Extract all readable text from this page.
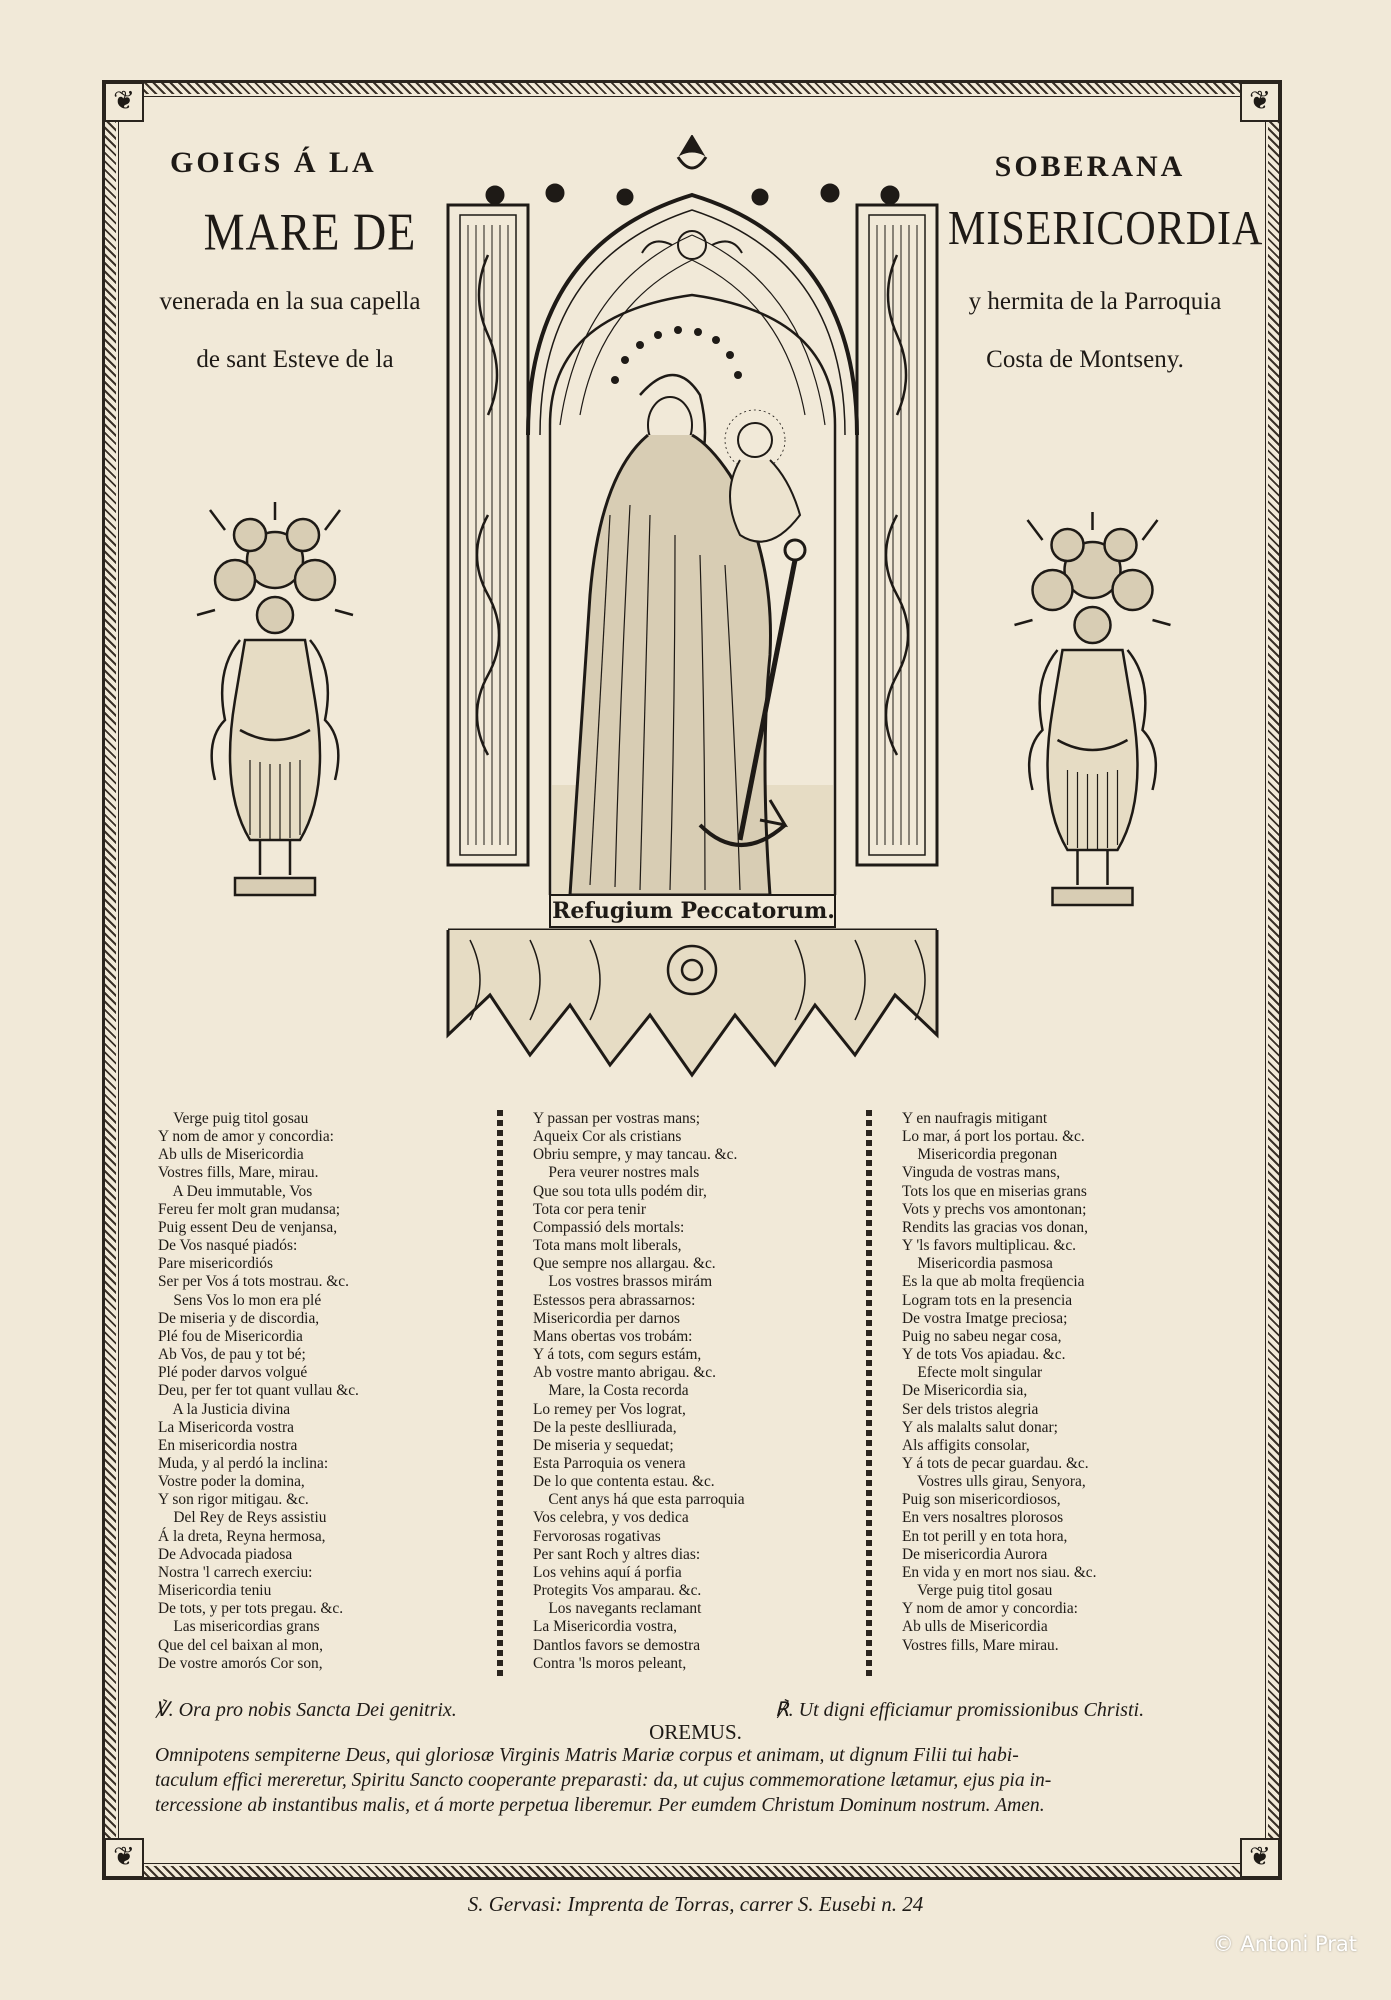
❦	❦
❦	❦
GOIGS Á LA
MARE DE
venerada en la sua capella
de sant Esteve de la
SOBERANA
MISERICORDIA
y hermita de la Parroquia
Costa de Montseny.
Refugium Peccatorum.
Verge puig titol gosau
Y nom de amor y concordia:
Ab ulls de Misericordia
Vostres fills, Mare, mirau.
A Deu immutable, Vos
Fereu fer molt gran mudansa;
Puig essent Deu de venjansa,
De Vos nasqué piadós:
Pare misericordiós
Ser per Vos á tots mostrau. &c.
Sens Vos lo mon era plé
De miseria y de discordia,
Plé fou de Misericordia
Ab Vos, de pau y tot bé;
Plé poder darvos volgué
Deu, per fer tot quant vullau &c.
A la Justicia divina
La Misericorda vostra
En misericordia nostra
Muda, y al perdó la inclina:
Vostre poder la domina,
Y son rigor mitigau. &c.
Del Rey de Reys assistiu
Á la dreta, Reyna hermosa,
De Advocada piadosa
Nostra 'l carrech exerciu:
Misericordia teniu
De tots, y per tots pregau. &c.
Las misericordias grans
Que del cel baixan al mon,
De vostre amorós Cor son,
Y passan per vostras mans;
Aqueix Cor als cristians
Obriu sempre, y may tancau. &c.
Pera veurer nostres mals
Que sou tota ulls podém dir,
Tota cor pera tenir
Compassió dels mortals:
Tota mans molt liberals,
Que sempre nos allargau. &c.
Los vostres brassos mirám
Estessos pera abrassarnos:
Misericordia per darnos
Mans obertas vos trobám:
Y á tots, com segurs estám,
Ab vostre manto abrigau. &c.
Mare, la Costa recorda
Lo remey per Vos lograt,
De la peste deslliurada,
De miseria y sequedat;
Esta Parroquia os venera
De lo que contenta estau. &c.
Cent anys há que esta parroquia
Vos celebra, y vos dedica
Fervorosas rogativas
Per sant Roch y altres dias:
Los vehins aquí á porfia
Protegits Vos amparau. &c.
Los navegants reclamant
La Misericordia vostra,
Dantlos favors se demostra
Contra 'ls moros peleant,
Y en naufragis mitigant
Lo mar, á port los portau. &c.
Misericordia pregonan
Vinguda de vostras mans,
Tots los que en miserias grans
Vots y prechs vos amontonan;
Rendits las gracias vos donan,
Y 'ls favors multiplicau. &c.
Misericordia pasmosa
Es la que ab molta freqüencia
Logram tots en la presencia
De vostra Imatge preciosa;
Puig no sabeu negar cosa,
Y de tots Vos apiadau. &c.
Efecte molt singular
De Misericordia sia,
Ser dels tristos alegria
Y als malalts salut donar;
Als affigits consolar,
Y á tots de pecar guardau. &c.
Vostres ulls girau, Senyora,
Puig son misericordiosos,
En vers nosaltres plorosos
En tot perill y en tota hora,
De misericordia Aurora
En vida y en mort nos siau. &c.
Verge puig titol gosau
Y nom de amor y concordia:
Ab ulls de Misericordia
Vostres fills, Mare mirau.
℣. Ora pro nobis Sancta Dei genitrix.	℟. Ut digni efficiamur promissionibus Christi.
OREMUS.
Omnipotens sempiterne Deus, qui gloriosæ Virginis Matris Mariæ corpus et animam, ut dignum Filii tui habi-
taculum effici mereretur, Spiritu Sancto cooperante preparasti: da, ut cujus commemoratione lætamur, ejus pia in-
tercessione ab instantibus malis, et á morte perpetua liberemur. Per eumdem Christum Dominum nostrum. Amen.
S. Gervasi: Imprenta de Torras, carrer S. Eusebi n. 24
© Antoni Prat
